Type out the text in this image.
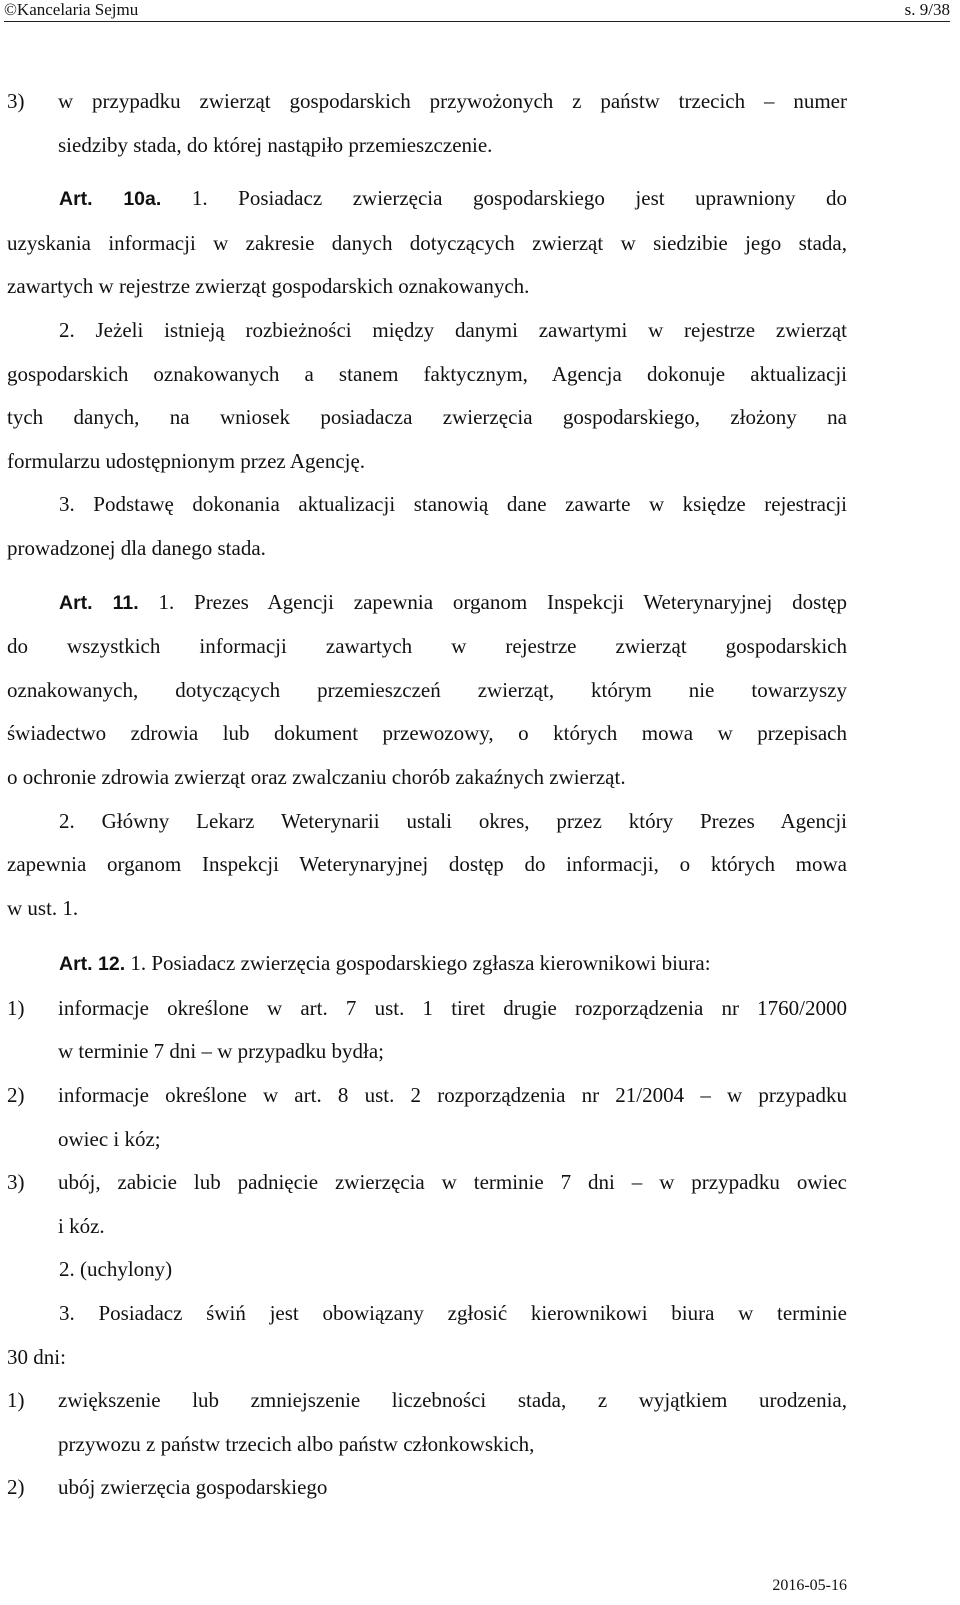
©Kancelaria Sejmu	s. 9/38
3) w przypadku zwierząt gospodarskich przywożonych z państw trzecich – numer
siedziby stada, do której nastąpiło przemieszczenie.
Art. 10a. 1. Posiadacz zwierzęcia gospodarskiego jest uprawniony do
uzyskania informacji w zakresie danych dotyczących zwierząt w siedzibie jego stada,
zawartych w rejestrze zwierząt gospodarskich oznakowanych.
2. Jeżeli istnieją rozbieżności między danymi zawartymi w rejestrze zwierząt
gospodarskich oznakowanych a stanem faktycznym, Agencja dokonuje aktualizacji
tych danych, na wniosek posiadacza zwierzęcia gospodarskiego, złożony na
formularzu udostępnionym przez Agencję.
3. Podstawę dokonania aktualizacji stanowią dane zawarte w księdze rejestracji
prowadzonej dla danego stada.
Art. 11. 1. Prezes Agencji zapewnia organom Inspekcji Weterynaryjnej dostęp
do wszystkich informacji zawartych w rejestrze zwierząt gospodarskich
oznakowanych, dotyczących przemieszczeń zwierząt, którym nie towarzyszy
świadectwo zdrowia lub dokument przewozowy, o których mowa w przepisach
o ochronie zdrowia zwierząt oraz zwalczaniu chorób zakaźnych zwierząt.
2. Główny Lekarz Weterynarii ustali okres, przez który Prezes Agencji
zapewnia organom Inspekcji Weterynaryjnej dostęp do informacji, o których mowa
w ust. 1.
Art. 12. 1. Posiadacz zwierzęcia gospodarskiego zgłasza kierownikowi biura:
1) informacje określone w art. 7 ust. 1 tiret drugie rozporządzenia nr 1760/2000
w terminie 7 dni – w przypadku bydła;
2) informacje określone w art. 8 ust. 2 rozporządzenia nr 21/2004 – w przypadku
owiec i kóz;
3) ubój, zabicie lub padnięcie zwierzęcia w terminie 7 dni – w przypadku owiec
i kóz.
2. (uchylony)
3. Posiadacz świń jest obowiązany zgłosić kierownikowi biura w terminie
30 dni:
1) zwiększenie lub zmniejszenie liczebności stada, z wyjątkiem urodzenia,
przywozu z państw trzecich albo państw członkowskich,
2) ubój zwierzęcia gospodarskiego
2016-05-16
